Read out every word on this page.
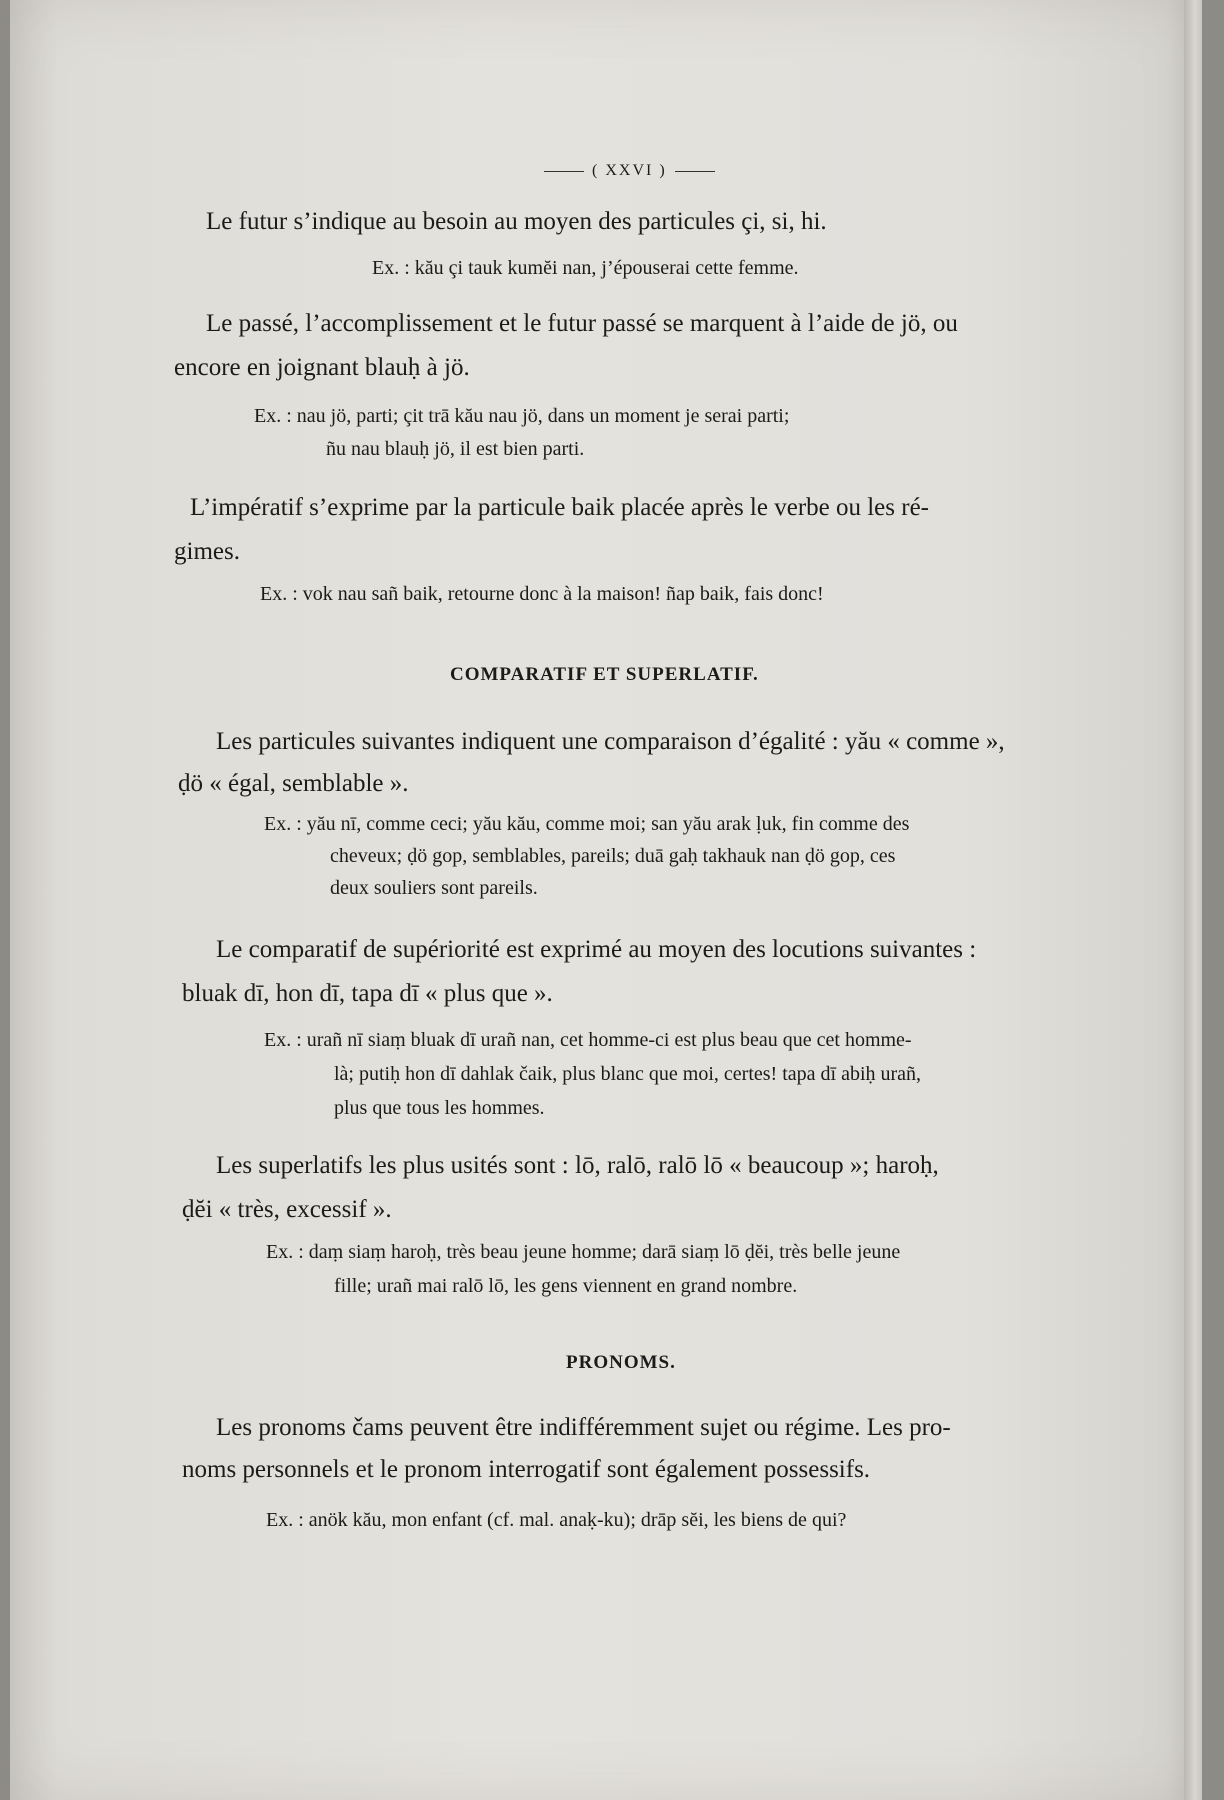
( XXVI )
Le futur s’indique au besoin au moyen des particules çi, si, hi.
Ex. : kău çi tauk kumĕi nan, j’épouserai cette femme.
Le passé, l’accomplissement et le futur passé se marquent à l’aide de jö, ou
encore en joignant blauḥ à jö.
Ex. : nau jö, parti; çit trā kău nau jö, dans un moment je serai parti;
ñu nau blauḥ jö, il est bien parti.
L’impératif s’exprime par la particule baik placée après le verbe ou les ré-
gimes.
Ex. : vok nau sañ baik, retourne donc à la maison! ñap baik, fais donc!
COMPARATIF ET SUPERLATIF.
Les particules suivantes indiquent une comparaison d’égalité : yău « comme »,
ḍö « égal, semblable ».
Ex. : yău nī, comme ceci; yău kău, comme moi; san yău arak ḷuk, fin comme des
cheveux; ḍö gop, semblables, pareils; duā gaḥ takhauk nan ḍö gop, ces
deux souliers sont pareils.
Le comparatif de supériorité est exprimé au moyen des locutions suivantes :
bluak dī, hon dī, tapa dī « plus que ».
Ex. : urañ nī siaṃ bluak dī urañ nan, cet homme-ci est plus beau que cet homme-
là; putiḥ hon dī dahlak čaik, plus blanc que moi, certes! tapa dī abiḥ urañ,
plus que tous les hommes.
Les superlatifs les plus usités sont : lō, ralō, ralō lō « beaucoup »; haroḥ,
ḍĕi « très, excessif ».
Ex. : daṃ siaṃ haroḥ, très beau jeune homme; darā siaṃ lō ḍĕi, très belle jeune
fille; urañ mai ralō lō, les gens viennent en grand nombre.
PRONOMS.
Les pronoms čams peuvent être indifféremment sujet ou régime. Les pro-
noms personnels et le pronom interrogatif sont également possessifs.
Ex. : anök kău, mon enfant (cf. mal. anaḳ-ku); drāp sĕi, les biens de qui?
